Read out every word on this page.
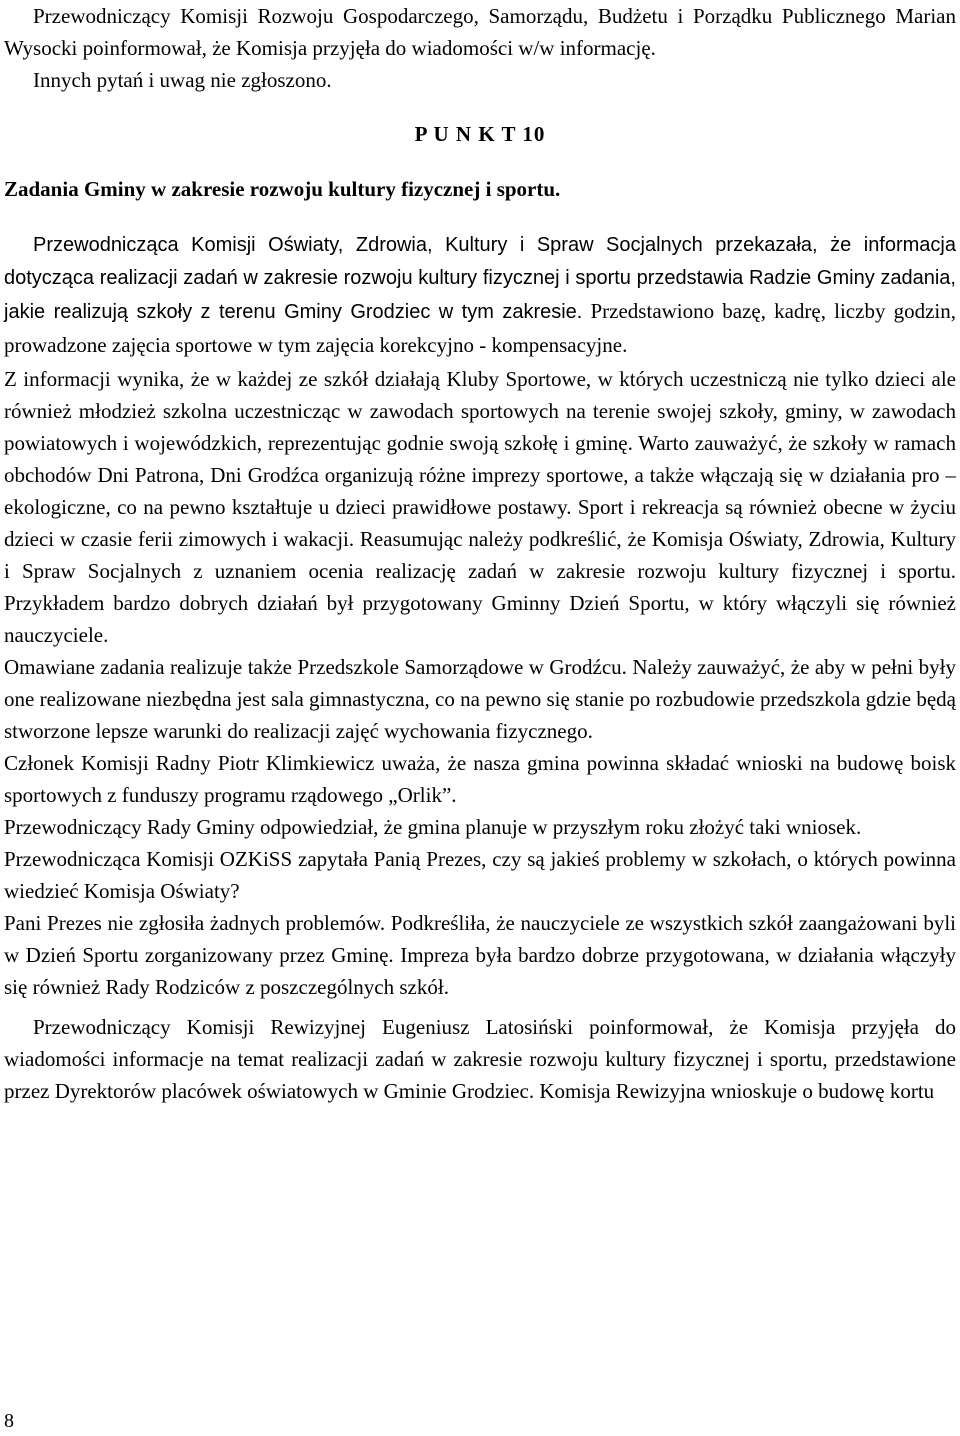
Przewodniczący Komisji Rozwoju Gospodarczego, Samorządu, Budżetu i Porządku Publicznego Marian Wysocki poinformował, że Komisja przyjęła do wiadomości w/w informację.

Innych pytań i uwag nie zgłoszono.

P U N K T 10
Zadania Gminy w zakresie rozwoju kultury fizycznej i sportu.

Przewodnicząca Komisji Oświaty, Zdrowia, Kultury i Spraw Socjalnych przekazała, że informacja dotycząca realizacji zadań w zakresie rozwoju kultury fizycznej i sportu przedstawia Radzie Gminy zadania, jakie realizują szkoły z terenu Gminy Grodziec w tym zakresie. Przedstawiono bazę, kadrę, liczby godzin, prowadzone zajęcia sportowe w tym zajęcia korekcyjno - kompensacyjne.

Z informacji wynika, że w każdej ze szkół działają Kluby Sportowe, w których uczestniczą nie tylko dzieci ale również młodzież szkolna uczestnicząc w zawodach sportowych na terenie swojej szkoły, gminy, w zawodach powiatowych i wojewódzkich, reprezentując godnie swoją szkołę i gminę. Warto zauważyć, że szkoły w ramach obchodów Dni Patrona, Dni Grodźca organizują różne imprezy sportowe, a także włączają się w działania pro – ekologiczne, co na pewno kształtuje u dzieci prawidłowe postawy. Sport i rekreacja są również obecne w życiu dzieci w czasie ferii zimowych i wakacji. Reasumując należy podkreślić, że Komisja Oświaty, Zdrowia, Kultury i Spraw Socjalnych z uznaniem ocenia realizację zadań w zakresie rozwoju kultury fizycznej i sportu. Przykładem bardzo dobrych działań był przygotowany Gminny Dzień Sportu, w który włączyli się również nauczyciele.

Omawiane zadania realizuje także Przedszkole Samorządowe w Grodźcu. Należy zauważyć, że aby w pełni były one realizowane niezbędna jest sala gimnastyczna, co na pewno się stanie po rozbudowie przedszkola gdzie będą stworzone lepsze warunki do realizacji zajęć wychowania fizycznego.

Członek Komisji Radny Piotr Klimkiewicz uważa, że nasza gmina powinna składać wnioski na budowę boisk sportowych z funduszy programu rządowego „Orlik”.

Przewodniczący Rady Gminy odpowiedział, że gmina planuje w przyszłym roku złożyć taki wniosek.

Przewodnicząca Komisji OZKiSS zapytała Panią Prezes, czy są jakieś problemy w szkołach, o których powinna wiedzieć Komisja Oświaty?

Pani Prezes nie zgłosiła żadnych problemów. Podkreśliła, że nauczyciele ze wszystkich szkół zaangażowani byli w Dzień Sportu zorganizowany przez Gminę. Impreza była bardzo dobrze przygotowana, w działania włączyły się również Rady Rodziców z poszczególnych szkół.

Przewodniczący Komisji Rewizyjnej Eugeniusz Latosiński poinformował, że Komisja przyjęła do wiadomości informacje na temat realizacji zadań w zakresie rozwoju kultury fizycznej i sportu, przedstawione przez Dyrektorów placówek oświatowych w Gminie Grodziec. Komisja Rewizyjna wnioskuje o budowę kortu

8
